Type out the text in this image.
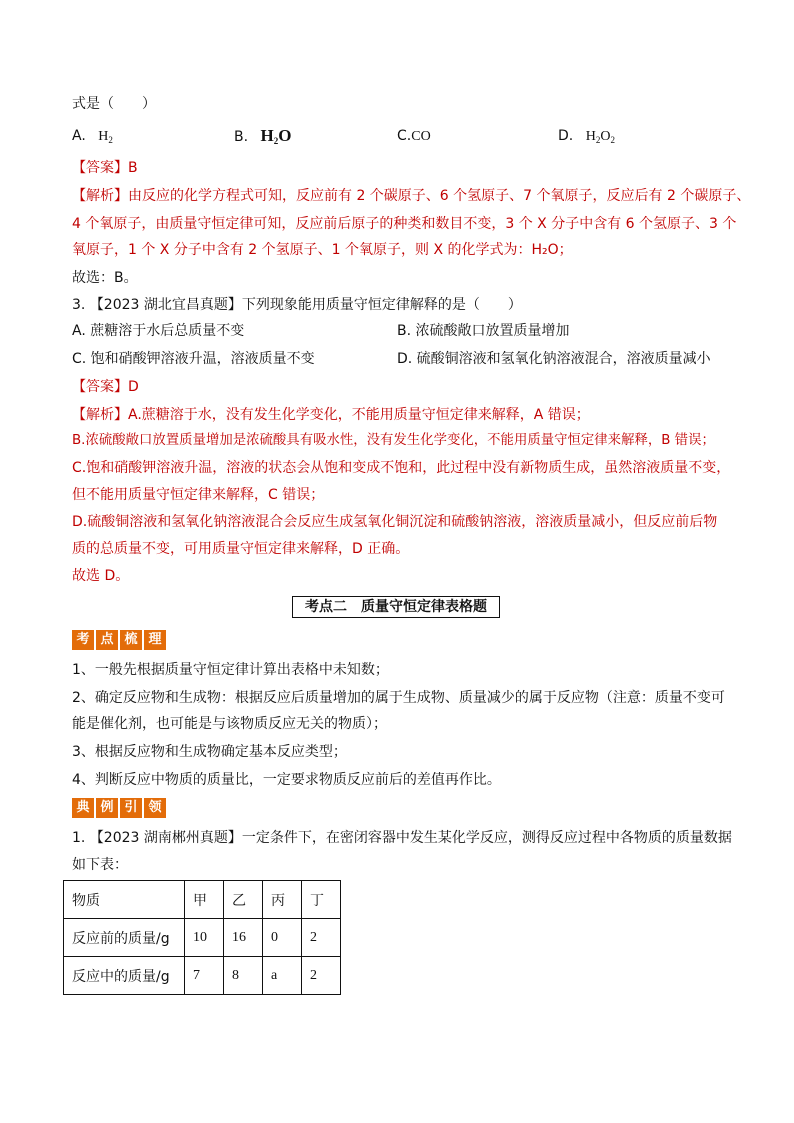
式是（　　）
A. $H_2$	B. $H_2O$	C.CO	D. $H_2O_2$
【答案】B
【解析】由反应的化学方程式可知，反应前有 2 个碳原子、6 个氢原子、7 个氧原子，反应后有 2 个碳原子、
4 个氧原子，由质量守恒定律可知，反应前后原子的种类和数目不变，3 个 X 分子中含有 6 个氢原子、3 个
氧原子，1 个 X 分子中含有 2 个氢原子、1 个氧原子，则 X 的化学式为：H₂O；
故选：B。
3. 【2023 湖北宜昌真题】下列现象能用质量守恒定律解释的是（　　）
A. 蔗糖溶于水后总质量不变	B. 浓硫酸敞口放置质量增加
C. 饱和硝酸钾溶液升温，溶液质量不变	D. 硫酸铜溶液和氢氧化钠溶液混合，溶液质量减小
【答案】D
【解析】A.蔗糖溶于水，没有发生化学变化，不能用质量守恒定律来解释，A 错误；
B.浓硫酸敞口放置质量增加是浓硫酸具有吸水性，没有发生化学变化，不能用质量守恒定律来解释，B 错误；
C.饱和硝酸钾溶液升温，溶液的状态会从饱和变成不饱和，此过程中没有新物质生成，虽然溶液质量不变，
但不能用质量守恒定律来解释，C 错误；
D.硫酸铜溶液和氢氧化钠溶液混合会反应生成氢氧化铜沉淀和硫酸钠溶液，溶液质量减小，但反应前后物
质的总质量不变，可用质量守恒定律来解释，D 正确。
故选 D。
考点二　质量守恒定律表格题
考 点 梳 理
1、一般先根据质量守恒定律计算出表格中未知数；
2、确定反应物和生成物：根据反应后质量增加的属于生成物、质量减少的属于反应物（注意：质量不变可
能是催化剂，也可能是与该物质反应无关的物质）；
3、根据反应物和生成物确定基本反应类型；
4、判断反应中物质的质量比，一定要求物质反应前后的差值再作比。
典 例 引 领
1. 【2023 湖南郴州真题】一定条件下，在密闭容器中发生某化学反应，测得反应过程中各物质的质量数据
如下表：
物质	甲	乙	丙	丁
反应前的质量/g	10	16	0	2
反应中的质量/g	7	8	a	2
